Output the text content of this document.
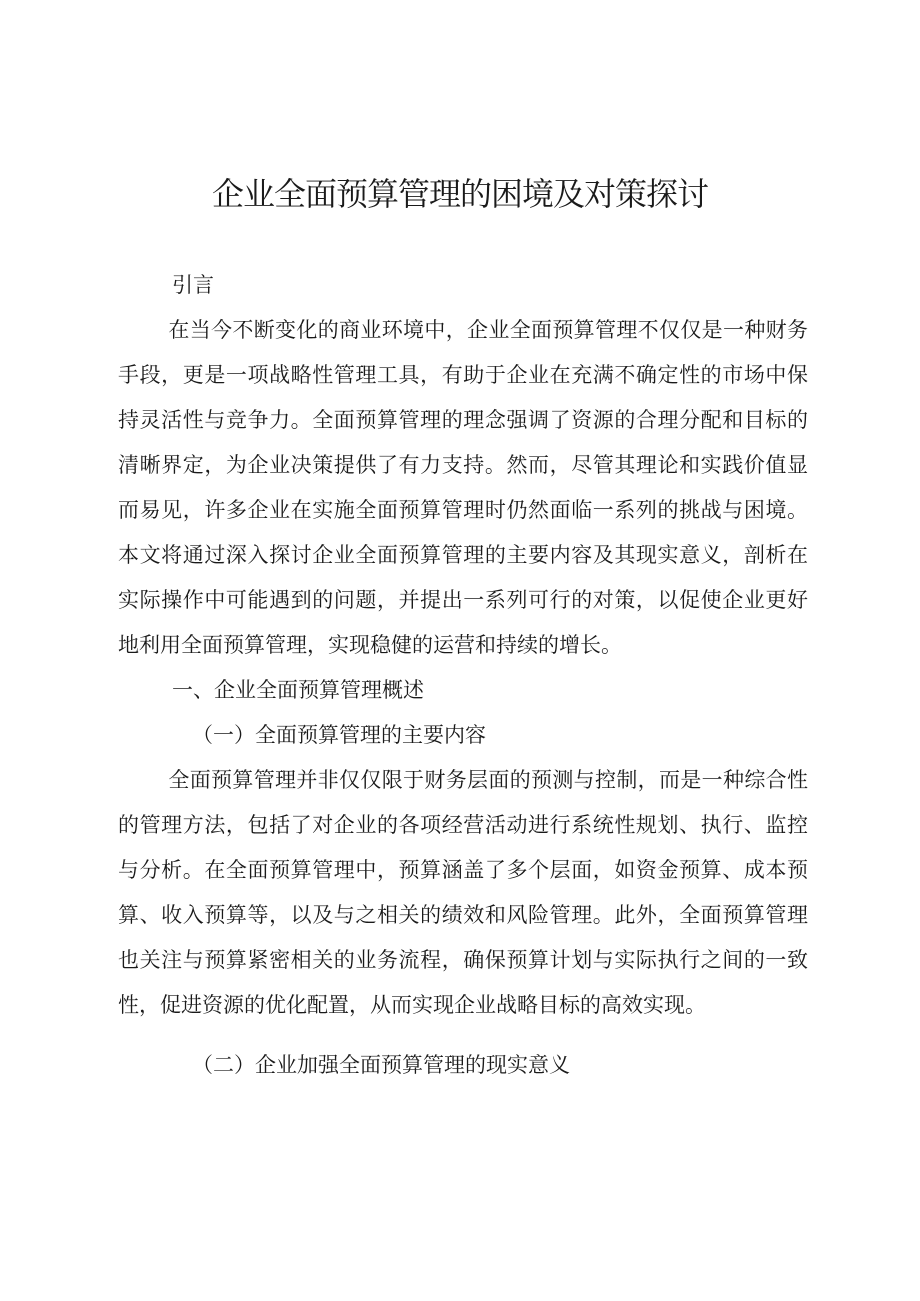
企业全面预算管理的困境及对策探讨

引言

在当今不断变化的商业环境中，企业全面预算管理不仅仅是一种财务手段，更是一项战略性管理工具，有助于企业在充满不确定性的市场中保持灵活性与竞争力。全面预算管理的理念强调了资源的合理分配和目标的清晰界定，为企业决策提供了有力支持。然而，尽管其理论和实践价值显而易见，许多企业在实施全面预算管理时仍然面临一系列的挑战与困境。本文将通过深入探讨企业全面预算管理的主要内容及其现实意义，剖析在实际操作中可能遇到的问题，并提出一系列可行的对策，以促使企业更好地利用全面预算管理，实现稳健的运营和持续的增长。

一、企业全面预算管理概述

（一）全面预算管理的主要内容

全面预算管理并非仅仅限于财务层面的预测与控制，而是一种综合性的管理方法，包括了对企业的各项经营活动进行系统性规划、执行、监控与分析。在全面预算管理中，预算涵盖了多个层面，如资金预算、成本预算、收入预算等，以及与之相关的绩效和风险管理。此外，全面预算管理也关注与预算紧密相关的业务流程，确保预算计划与实际执行之间的一致性，促进资源的优化配置，从而实现企业战略目标的高效实现。

（二）企业加强全面预算管理的现实意义
